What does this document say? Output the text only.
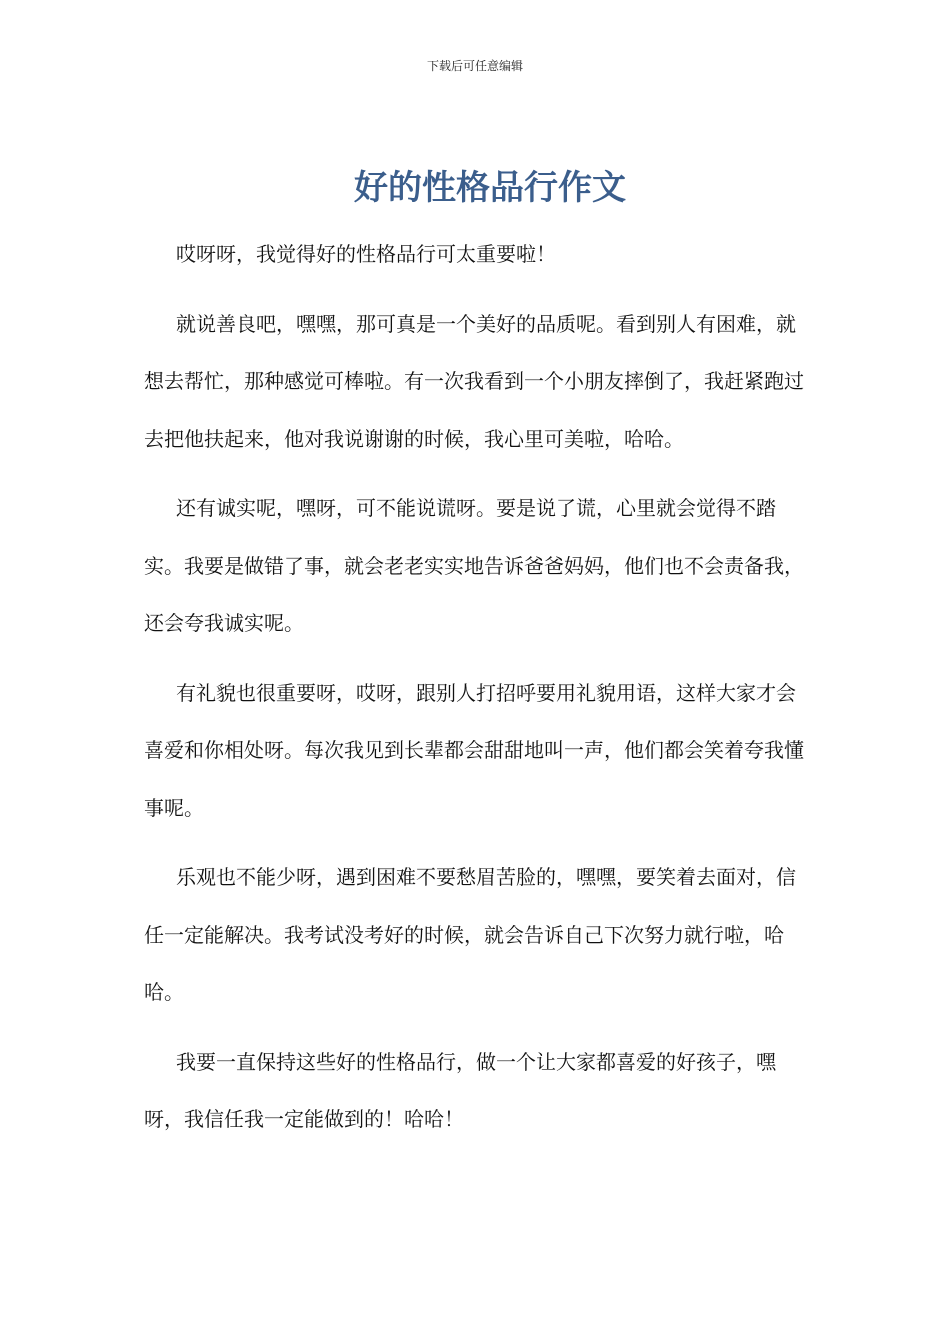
下载后可任意编辑
好的性格品行作文

哎呀呀，我觉得好的性格品行可太重要啦！

就说善良吧，嘿嘿，那可真是一个美好的品质呢。看到别人有困难，就想去帮忙，那种感觉可棒啦。有一次我看到一个小朋友摔倒了，我赶紧跑过去把他扶起来，他对我说谢谢的时候，我心里可美啦，哈哈。

还有诚实呢，嘿呀，可不能说谎呀。要是说了谎，心里就会觉得不踏实。我要是做错了事，就会老老实实地告诉爸爸妈妈，他们也不会责备我，还会夸我诚实呢。

有礼貌也很重要呀，哎呀，跟别人打招呼要用礼貌用语，这样大家才会喜爱和你相处呀。每次我见到长辈都会甜甜地叫一声，他们都会笑着夸我懂事呢。

乐观也不能少呀，遇到困难不要愁眉苦脸的，嘿嘿，要笑着去面对，信任一定能解决。我考试没考好的时候，就会告诉自己下次努力就行啦，哈哈。

我要一直保持这些好的性格品行，做一个让大家都喜爱的好孩子，嘿呀，我信任我一定能做到的！哈哈！
